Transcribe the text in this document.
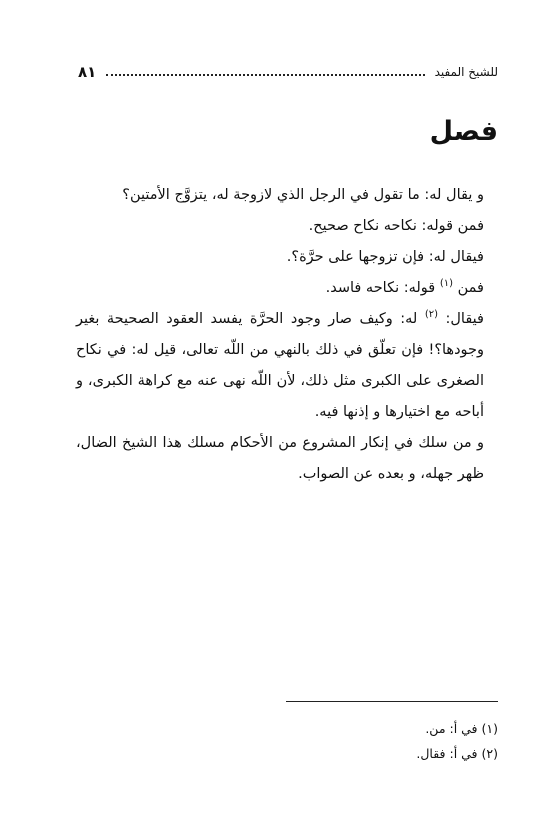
للشيخ المفيد
٨١
فصل

و يقال له: ما تقول في الرجل الذي لازوجة له، يتزوَّج الأمتين؟

فمن قوله: نكاحه نكاح صحيح.

فيقال له: فإن تزوجها على حرَّة؟.

فمن $^{(١)}$ قوله: نكاحه فاسد.

فيقال: $^{(٢)}$ له: وكيف صار وجود الحرَّة يفسد العقود الصحيحة بغير وجودها؟! فإن تعلّق في ذلك بالنهي من اللّه تعالى، قيل له: في نكاح الصغرى على الكبرى مثل ذلك، لأن اللّه نهى عنه مع كراهة الكبرى، و أباحه مع اختيارها و إذنها فيه.

و من سلك في إنكار المشروع من الأحكام مسلك هذا الشيخ الضال، ظهر جهله، و بعده عن الصواب.

(١) في أ: من.
(٢) في أ: فقال.
